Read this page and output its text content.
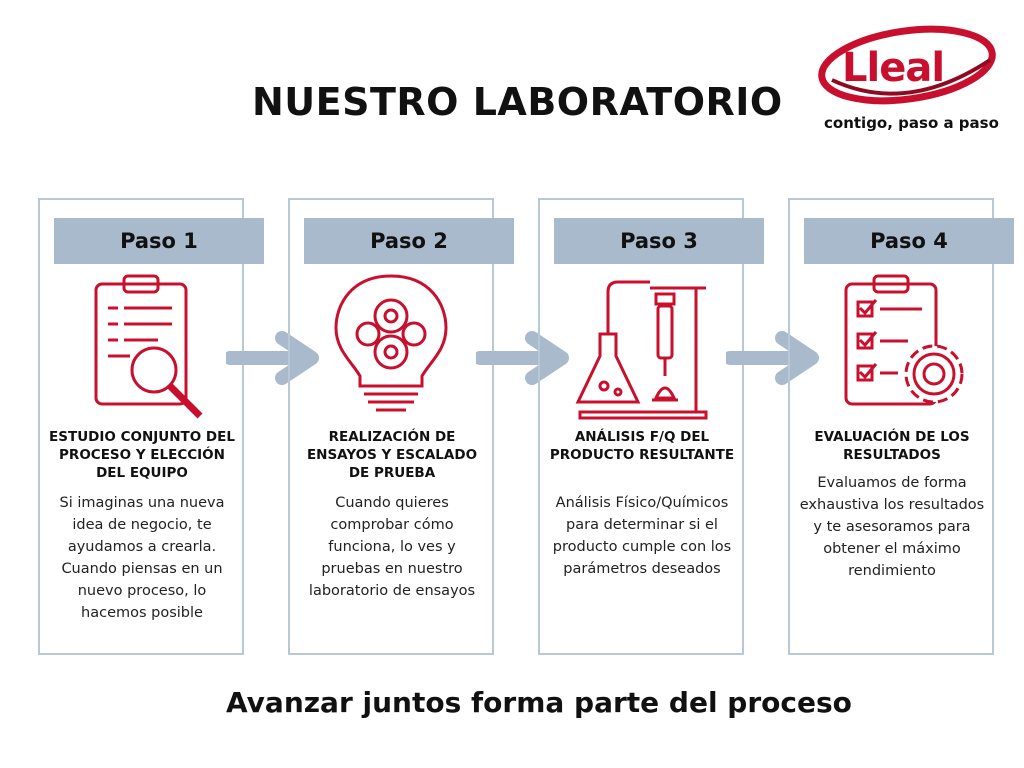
NUESTRO LABORATORIO
Lleal
contigo, paso a paso
Paso 1
ESTUDIO CONJUNTO DEL PROCESO Y ELECCIÓN DEL EQUIPO
Si imaginas una nueva idea de negocio, te ayudamos a crearla. Cuando piensas en un nuevo proceso, lo hacemos posible
Paso 2
REALIZACIÓN DE ENSAYOS Y ESCALADO DE PRUEBA
Cuando quieres comprobar cómo funciona, lo ves y pruebas en nuestro laboratorio de ensayos
Paso 3
ANÁLISIS F/Q DEL PRODUCTO RESULTANTE
Análisis Físico/Químicos para determinar si el producto cumple con los parámetros deseados
Paso 4
EVALUACIÓN DE LOS RESULTADOS
Evaluamos de forma exhaustiva los resultados y te asesoramos para obtener el máximo rendimiento
Avanzar juntos forma parte del proceso
